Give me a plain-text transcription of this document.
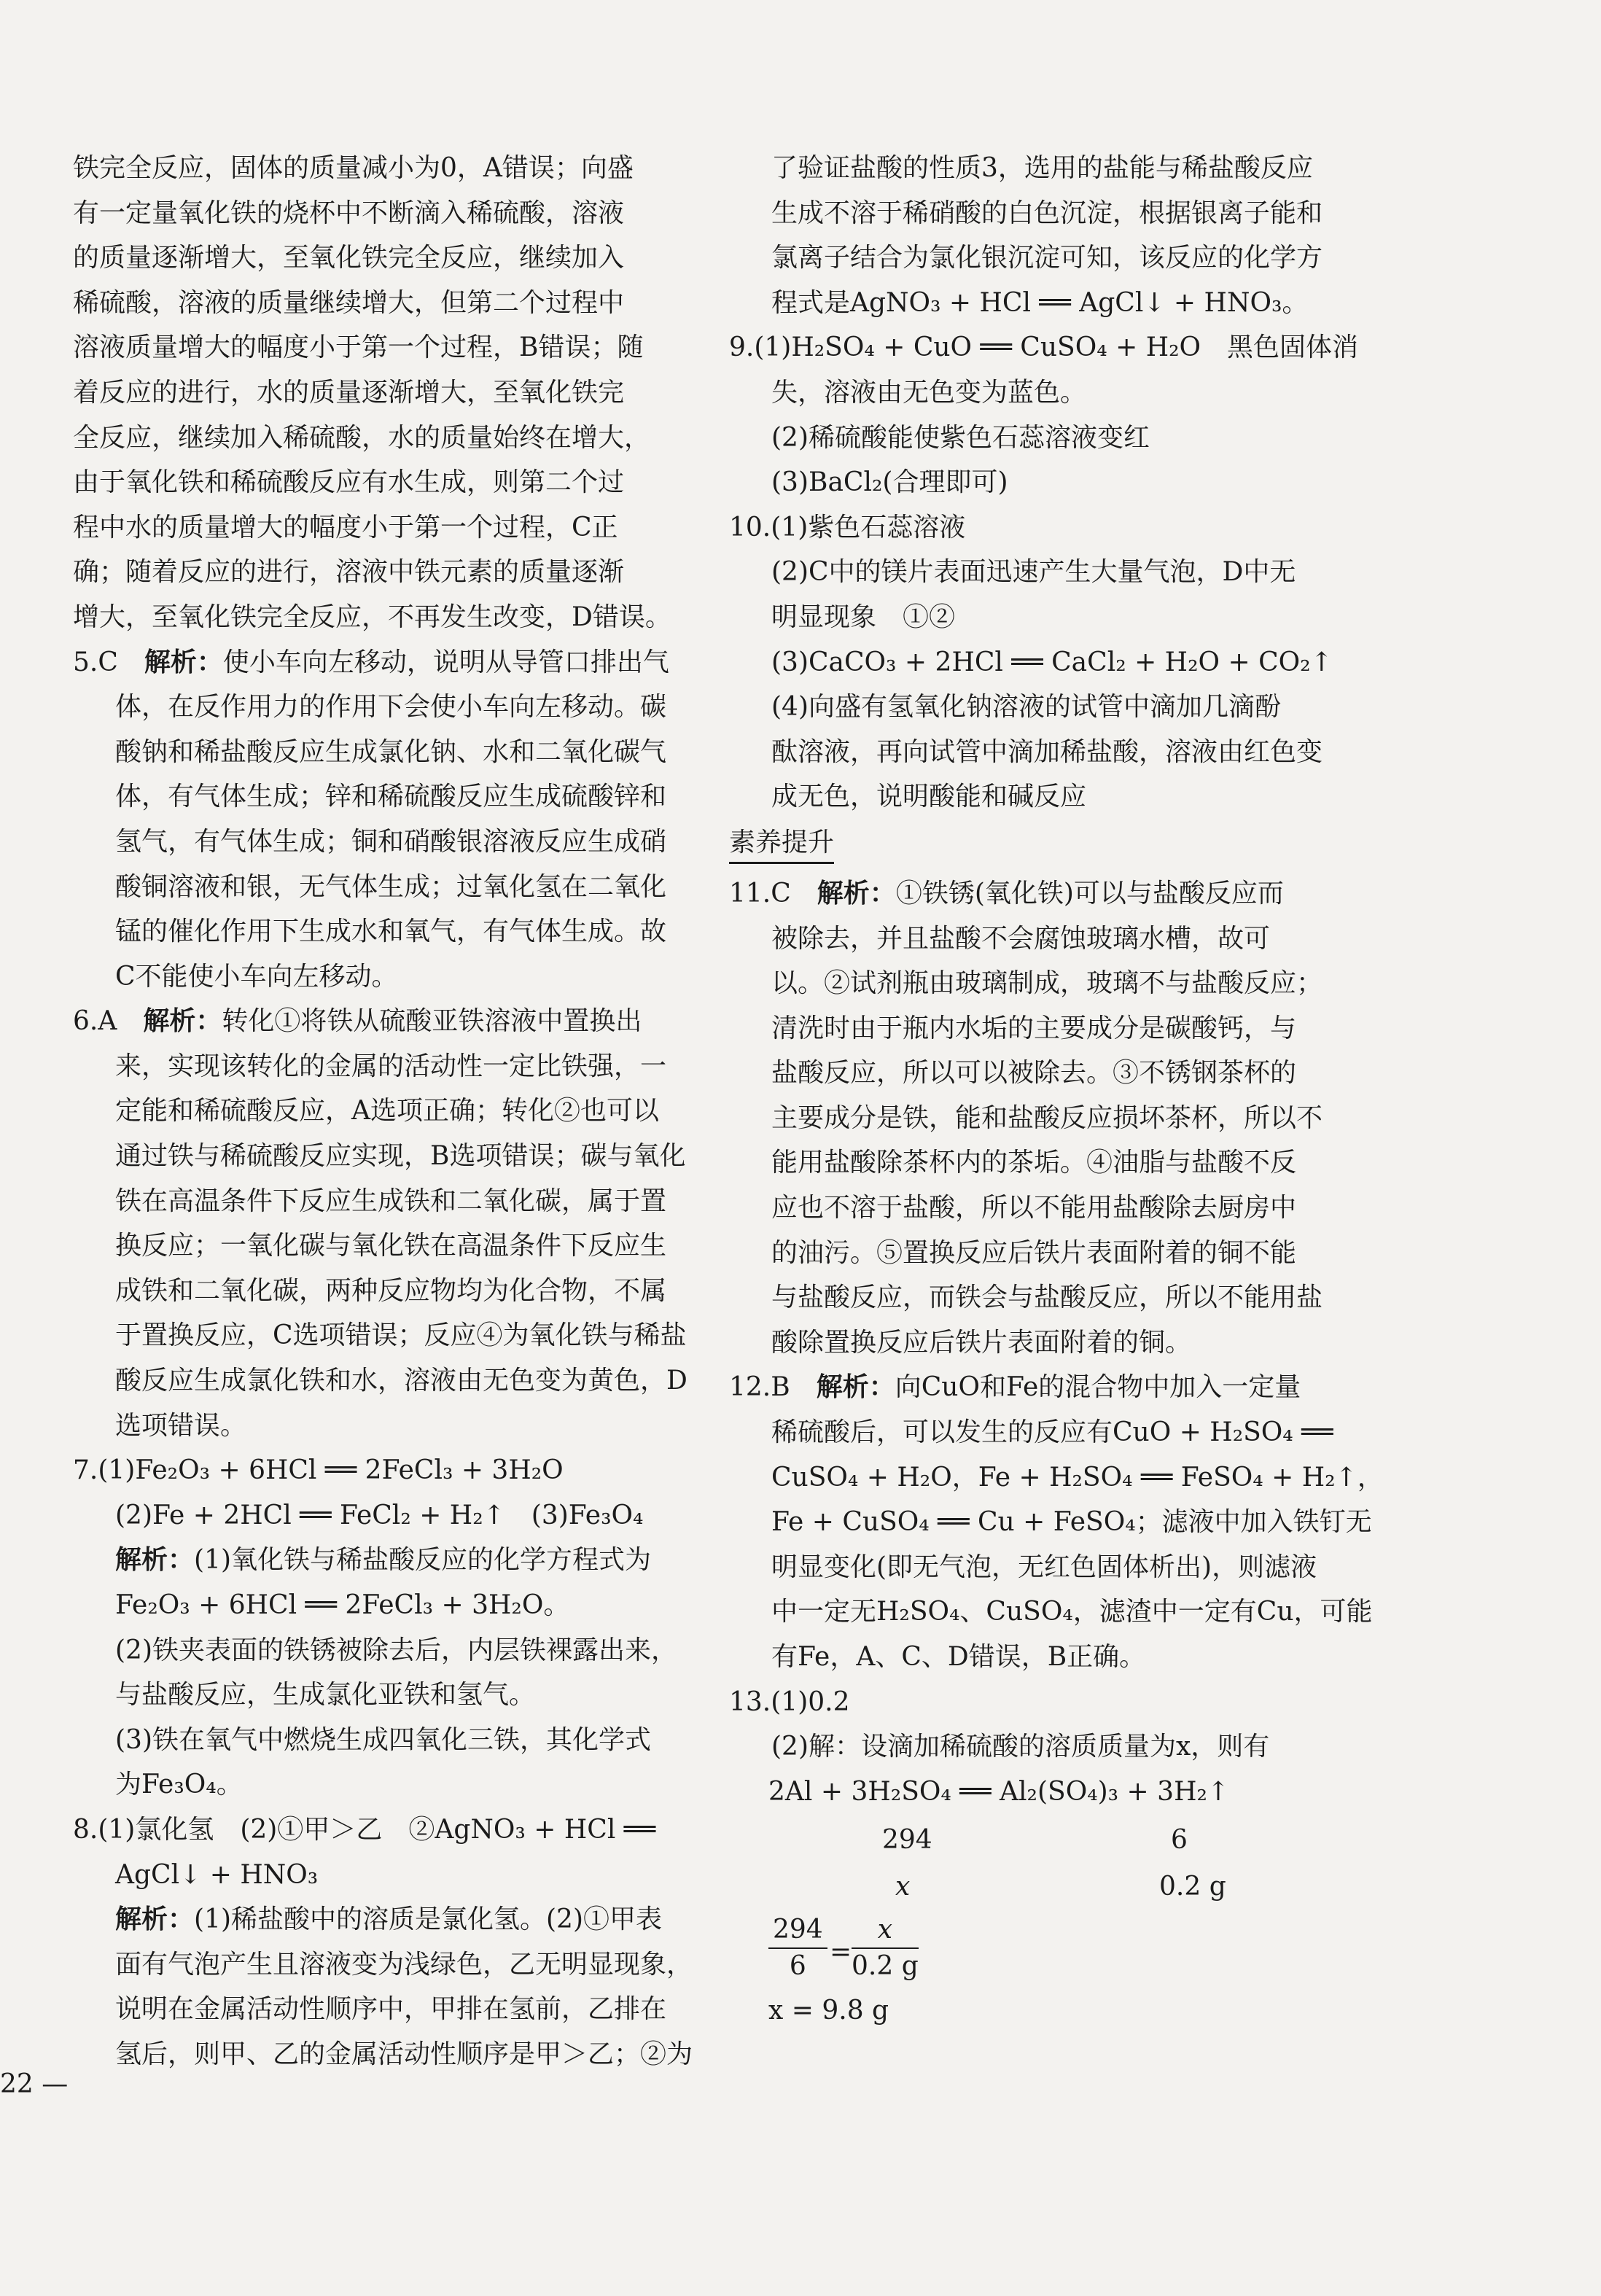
铁完全反应，固体的质量减小为0，A错误；向盛
有一定量氧化铁的烧杯中不断滴入稀硫酸，溶液
的质量逐渐增大，至氧化铁完全反应，继续加入
稀硫酸，溶液的质量继续增大，但第二个过程中
溶液质量增大的幅度小于第一个过程，B错误；随
着反应的进行，水的质量逐渐增大，至氧化铁完
全反应，继续加入稀硫酸，水的质量始终在增大，
由于氧化铁和稀硫酸反应有水生成，则第二个过
程中水的质量增大的幅度小于第一个过程，C正
确；随着反应的进行，溶液中铁元素的质量逐渐
增大，至氧化铁完全反应，不再发生改变，D错误。
5.C  解析：使小车向左移动，说明从导管口排出气
体，在反作用力的作用下会使小车向左移动。碳
酸钠和稀盐酸反应生成氯化钠、水和二氧化碳气
体，有气体生成；锌和稀硫酸反应生成硫酸锌和
氢气，有气体生成；铜和硝酸银溶液反应生成硝
酸铜溶液和银，无气体生成；过氧化氢在二氧化
锰的催化作用下生成水和氧气，有气体生成。故
C不能使小车向左移动。
6.A  解析：转化①将铁从硫酸亚铁溶液中置换出
来，实现该转化的金属的活动性一定比铁强，一
定能和稀硫酸反应，A选项正确；转化②也可以
通过铁与稀硫酸反应实现，B选项错误；碳与氧化
铁在高温条件下反应生成铁和二氧化碳，属于置
换反应；一氧化碳与氧化铁在高温条件下反应生
成铁和二氧化碳，两种反应物均为化合物，不属
于置换反应，C选项错误；反应④为氧化铁与稀盐
酸反应生成氯化铁和水，溶液由无色变为黄色，D
选项错误。
7.(1)Fe₂O₃ + 6HCl ══ 2FeCl₃ + 3H₂O
(2)Fe + 2HCl ══ FeCl₂ + H₂↑　(3)Fe₃O₄
解析：(1)氧化铁与稀盐酸反应的化学方程式为
Fe₂O₃ + 6HCl ══ 2FeCl₃ + 3H₂O。
(2)铁夹表面的铁锈被除去后，内层铁裸露出来，
与盐酸反应，生成氯化亚铁和氢气。
(3)铁在氧气中燃烧生成四氧化三铁，其化学式
为Fe₃O₄。
8.(1)氯化氢　(2)①甲＞乙　②AgNO₃ + HCl ══
AgCl↓ + HNO₃
解析：(1)稀盐酸中的溶质是氯化氢。(2)①甲表
面有气泡产生且溶液变为浅绿色，乙无明显现象，
说明在金属活动性顺序中，甲排在氢前，乙排在
氢后，则甲、乙的金属活动性顺序是甲＞乙；②为
了验证盐酸的性质3，选用的盐能与稀盐酸反应
生成不溶于稀硝酸的白色沉淀，根据银离子能和
氯离子结合为氯化银沉淀可知，该反应的化学方
程式是AgNO₃ + HCl ══ AgCl↓ + HNO₃。
9.(1)H₂SO₄ + CuO ══ CuSO₄ + H₂O　黑色固体消
失，溶液由无色变为蓝色。
(2)稀硫酸能使紫色石蕊溶液变红
(3)BaCl₂(合理即可)
10.(1)紫色石蕊溶液
(2)C中的镁片表面迅速产生大量气泡，D中无
明显现象　①②
(3)CaCO₃ + 2HCl ══ CaCl₂ + H₂O + CO₂↑
(4)向盛有氢氧化钠溶液的试管中滴加几滴酚
酞溶液，再向试管中滴加稀盐酸，溶液由红色变
成无色，说明酸能和碱反应
素养提升
11.C  解析：①铁锈(氧化铁)可以与盐酸反应而
被除去，并且盐酸不会腐蚀玻璃水槽，故可
以。②试剂瓶由玻璃制成，玻璃不与盐酸反应；
清洗时由于瓶内水垢的主要成分是碳酸钙，与
盐酸反应，所以可以被除去。③不锈钢茶杯的
主要成分是铁，能和盐酸反应损坏茶杯，所以不
能用盐酸除茶杯内的茶垢。④油脂与盐酸不反
应也不溶于盐酸，所以不能用盐酸除去厨房中
的油污。⑤置换反应后铁片表面附着的铜不能
与盐酸反应，而铁会与盐酸反应，所以不能用盐
酸除置换反应后铁片表面附着的铜。
12.B  解析：向CuO和Fe的混合物中加入一定量
稀硫酸后，可以发生的反应有CuO + H₂SO₄ ══
CuSO₄ + H₂O，Fe + H₂SO₄ ══ FeSO₄ + H₂↑，
Fe + CuSO₄ ══ Cu + FeSO₄；滤液中加入铁钉无
明显变化(即无气泡，无红色固体析出)，则滤液
中一定无H₂SO₄、CuSO₄，滤渣中一定有Cu，可能
有Fe，A、C、D错误，B正确。
13.(1)0.2
(2)解：设滴加稀硫酸的溶质质量为x，则有
2Al + 3H₂SO₄ ══ Al₂(SO₄)₃ + 3H₂↑
294	6
x	0.2 g
$\frac{294}{6} = \frac{x}{0.2 g}$
x = 9.8 g
22 —
